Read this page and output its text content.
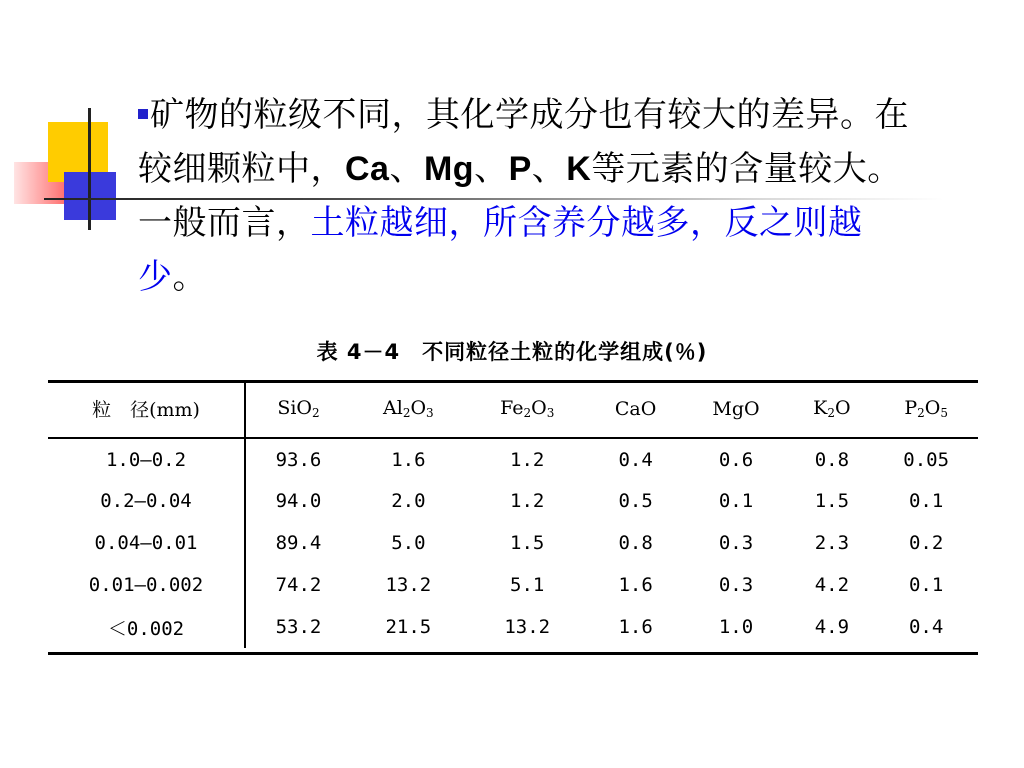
矿物的粒级不同，其化学成分也有较大的差异。在较细颗粒中，Ca、Mg、P、K等元素的含量较大。一般而言，土粒越细，所含养分越多，反之则越少。
表 4－4　不同粒径土粒的化学组成(％)
粒　径(mm)	SiO$_2$	$Al_2O_3$	$Fe_2O_3$	CaO	MgO	$K_2O$	$P_2O_5$
1.0—0.2	93.6	1.6	1.2	0.4	0.6	0.8	0.05
0.2—0.04	94.0	2.0	1.2	0.5	0.1	1.5	0.1
0.04—0.01	89.4	5.0	1.5	0.8	0.3	2.3	0.2
0.01—0.002	74.2	13.2	5.1	1.6	0.3	4.2	0.1
＜0.002	53.2	21.5	13.2	1.6	1.0	4.9	0.4
